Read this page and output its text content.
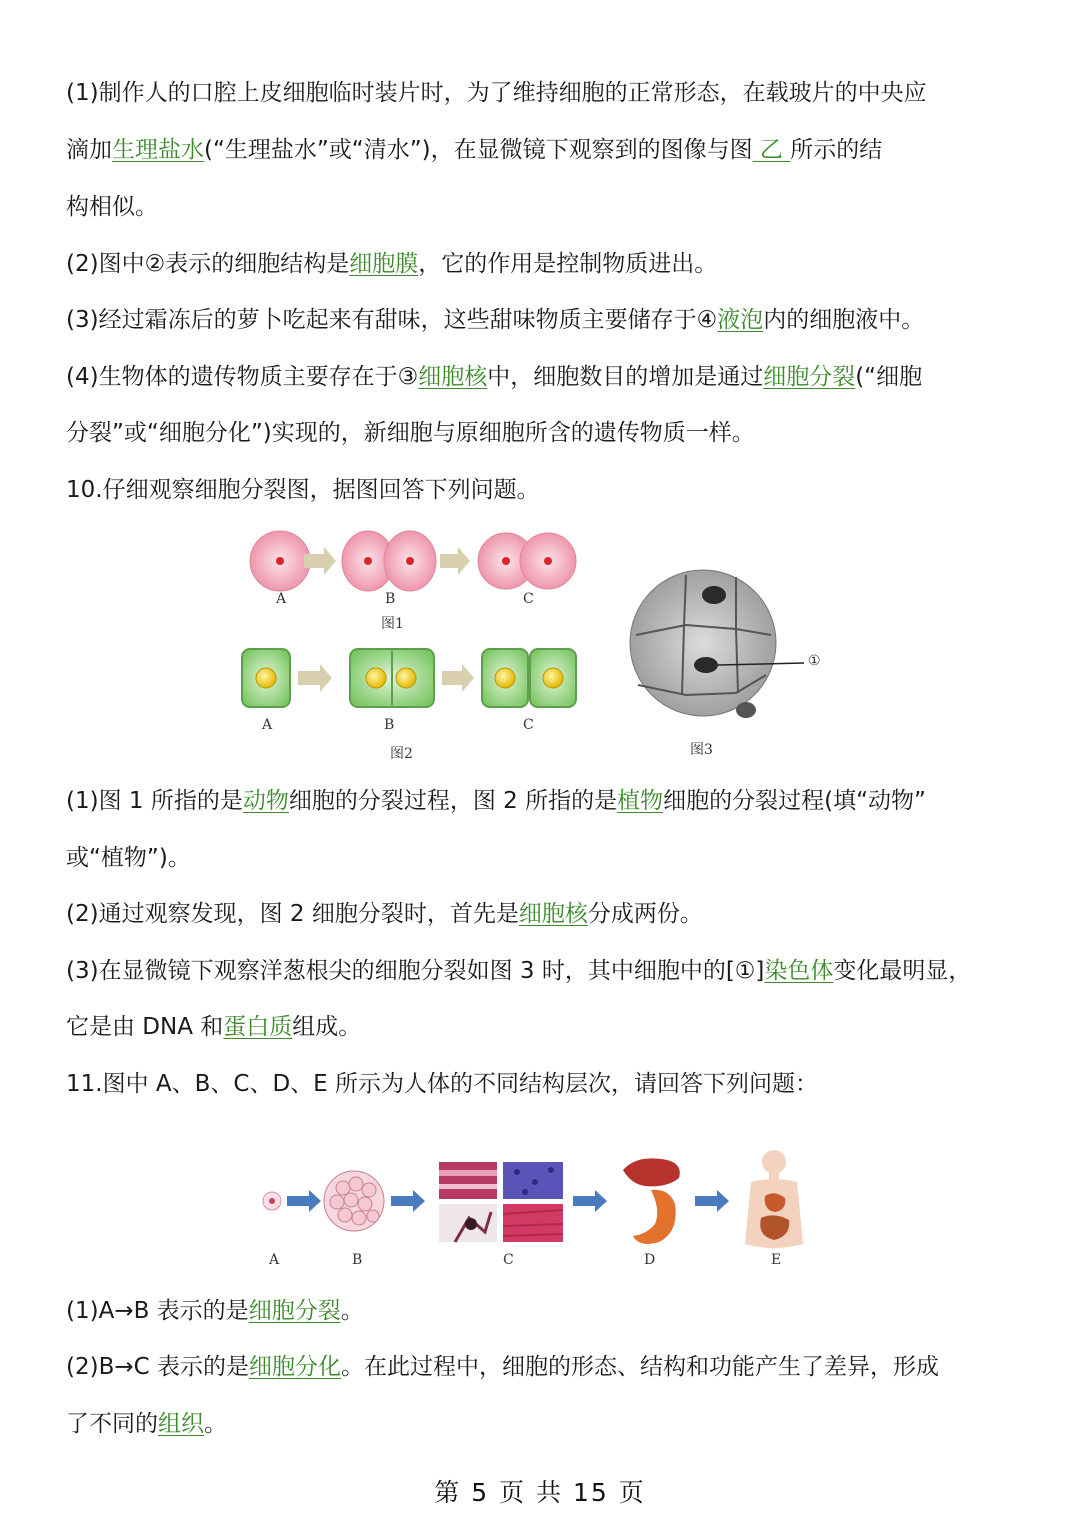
(1)制作人的口腔上皮细胞临时装片时，为了维持细胞的正常形态，在载玻片的中央应
滴加生理盐水(“生理盐水”或“清水”)，在显微镜下观察到的图像与图 乙 所示的结
构相似。
(2)图中②表示的细胞结构是细胞膜，它的作用是控制物质进出。
(3)经过霜冻后的萝卜吃起来有甜味，这些甜味物质主要储存于④液泡内的细胞液中。
(4)生物体的遗传物质主要存在于③细胞核中，细胞数目的增加是通过细胞分裂(“细胞
分裂”或“细胞分化”)实现的，新细胞与原细胞所含的遗传物质一样。
10.仔细观察细胞分裂图，据图回答下列问题。
A	B	C
图1
A	B	C
图2	图3
①
(1)图 1 所指的是动物细胞的分裂过程，图 2 所指的是植物细胞的分裂过程(填“动物”
或“植物”)。
(2)通过观察发现，图 2 细胞分裂时，首先是细胞核分成两份。
(3)在显微镜下观察洋葱根尖的细胞分裂如图 3 时，其中细胞中的[①]染色体变化最明显，
它是由 DNA 和蛋白质组成。
11.图中 A、B、C、D、E 所示为人体的不同结构层次，请回答下列问题：
A	B	C	D	E
(1)A→B 表示的是细胞分裂。
(2)B→C 表示的是细胞分化。在此过程中，细胞的形态、结构和功能产生了差异，形成
了不同的组织。
第 5 页 共 15 页
